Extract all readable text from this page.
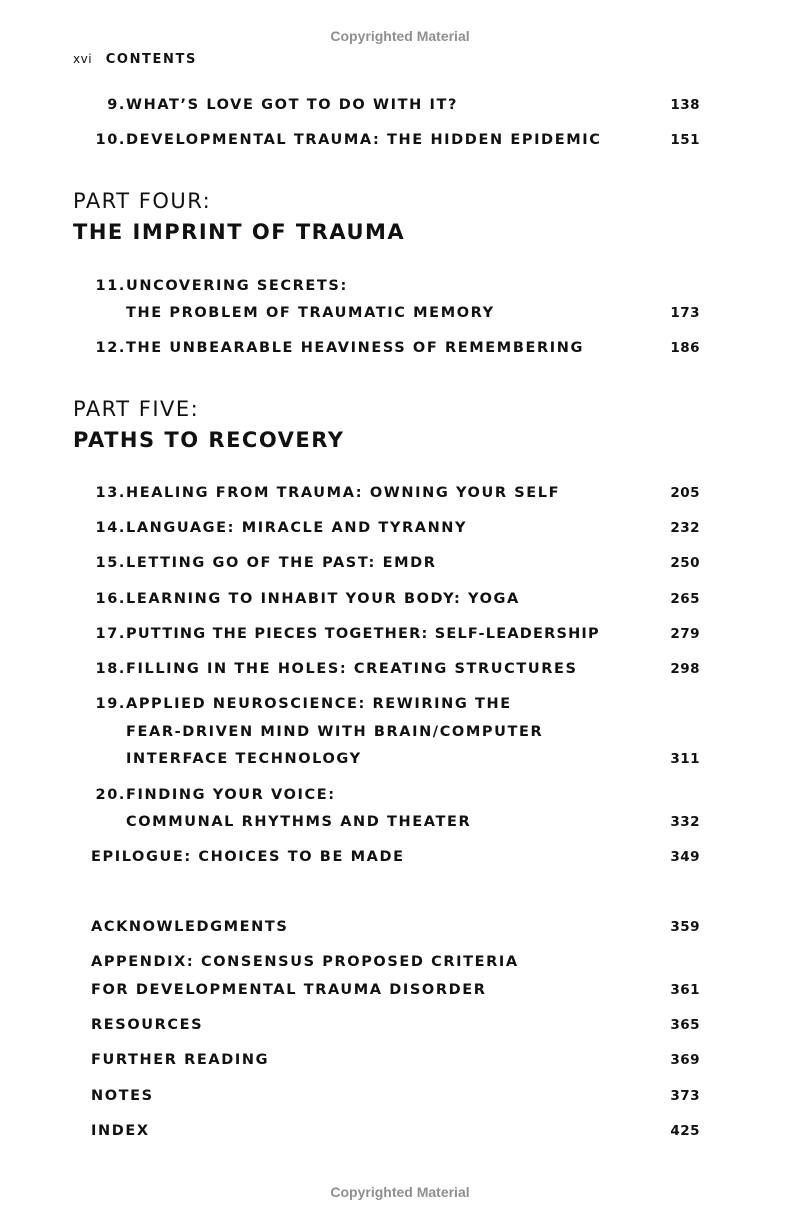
Copyrighted Material
xvi CONTENTS
9. WHAT’S LOVE GOT TO DO WITH IT?	138
10. DEVELOPMENTAL TRAUMA: THE HIDDEN EPIDEMIC	151
PART FOUR:
THE IMPRINT OF TRAUMA
11. UNCOVERING SECRETS:
THE PROBLEM OF TRAUMATIC MEMORY	173
12. THE UNBEARABLE HEAVINESS OF REMEMBERING	186
PART FIVE:
PATHS TO RECOVERY
13. HEALING FROM TRAUMA: OWNING YOUR SELF	205
14. LANGUAGE: MIRACLE AND TYRANNY	232
15. LETTING GO OF THE PAST: EMDR	250
16. LEARNING TO INHABIT YOUR BODY: YOGA	265
17. PUTTING THE PIECES TOGETHER: SELF-LEADERSHIP	279
18. FILLING IN THE HOLES: CREATING STRUCTURES	298
19. APPLIED NEUROSCIENCE: REWIRING THE
FEAR-DRIVEN MIND WITH BRAIN/COMPUTER
INTERFACE TECHNOLOGY	311
20. FINDING YOUR VOICE:
COMMUNAL RHYTHMS AND THEATER	332
EPILOGUE: CHOICES TO BE MADE	349
ACKNOWLEDGMENTS	359
APPENDIX: CONSENSUS PROPOSED CRITERIA
FOR DEVELOPMENTAL TRAUMA DISORDER	361
RESOURCES	365
FURTHER READING	369
NOTES	373
INDEX	425
Copyrighted Material
